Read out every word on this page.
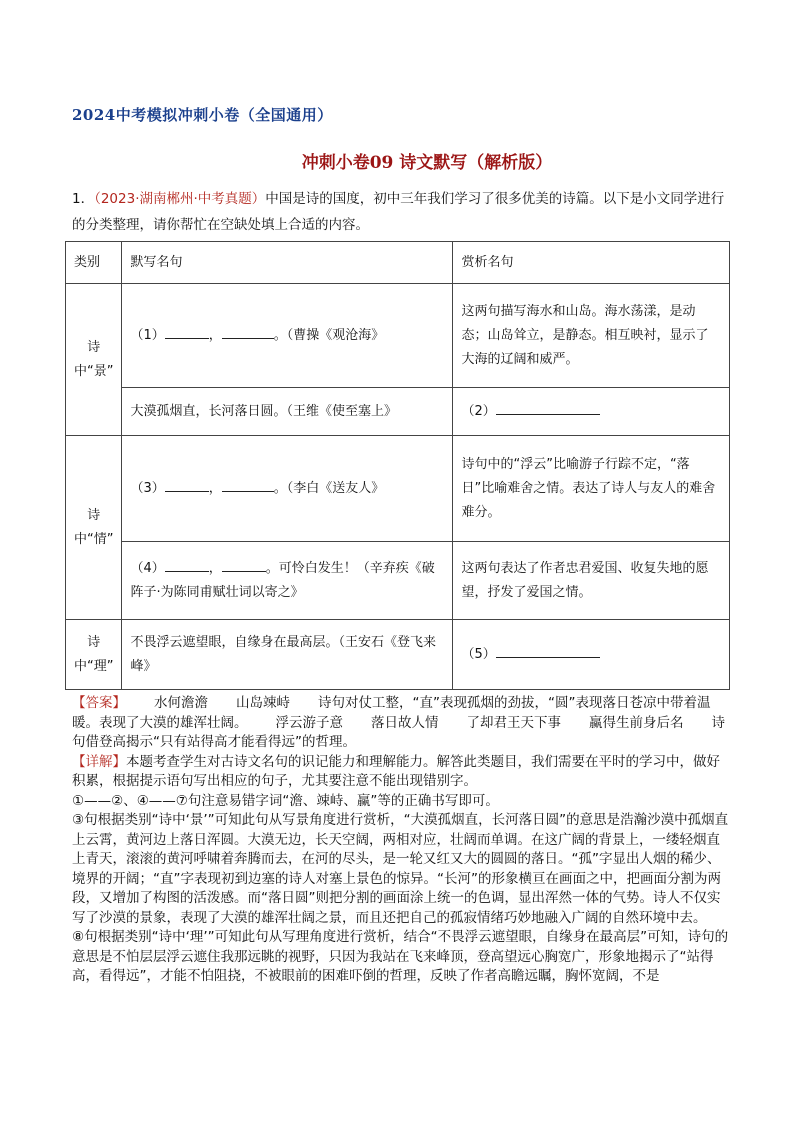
2024中考模拟冲刺小卷（全国通用）
冲刺小卷09 诗文默写（解析版）
1．（2023·湖南郴州·中考真题）中国是诗的国度，初中三年我们学习了很多优美的诗篇。以下是小文同学进行的分类整理，请你帮忙在空缺处填上合适的内容。
类别	默写名句	赏析名句
诗中“景”	（1） ， 。（曹操《观沧海》	这两句描写海水和山岛。海水荡漾，是动态；山岛耸立，是静态。相互映衬，显示了大海的辽阔和威严。
	大漠孤烟直，长河落日圆。（王维《使至塞上》	（2）
诗中“情”	（3） ， 。（李白《送友人》	诗句中的“浮云”比喻游子行踪不定，“落日”比喻难舍之情。表达了诗人与友人的难舍难分。
	（4） ， 。可怜白发生！（辛弃疾《破阵子·为陈同甫赋壮词以寄之》	这两句表达了作者忠君爱国、收复失地的愿望，抒发了爱国之情。
诗中“理”	不畏浮云遮望眼，自缘身在最高层。（王安石《登飞来峰》	（5）

【答案】 水何澹澹 山岛竦峙 诗句对仗工整，“直”表现孤烟的劲拔，“圆”表现落日苍凉中带着温暖。表现了大漠的雄浑壮阔。 浮云游子意 落日故人情 了却君王天下事 赢得生前身后名 诗句借登高揭示“只有站得高才能看得远”的哲理。

【详解】本题考查学生对古诗文名句的识记能力和理解能力。解答此类题目，我们需要在平时的学习中，做好积累，根据提示语句写出相应的句子，尤其要注意不能出现错别字。

①——②、④——⑦句注意易错字词“澹、竦峙、赢”等的正确书写即可。

③句根据类别“诗中‘景’”可知此句从写景角度进行赏析，“大漠孤烟直，长河落日圆”的意思是浩瀚沙漠中孤烟直上云霄，黄河边上落日浑圆。大漠无边，长天空阔，两相对应，壮阔而单调。在这广阔的背景上，一缕轻烟直上青天，滚滚的黄河呼啸着奔腾而去，在河的尽头，是一轮又红又大的圆圆的落日。“孤”字显出人烟的稀少、境界的开阔；“直”字表现初到边塞的诗人对塞上景色的惊异。“长河”的形象横亘在画面之中，把画面分割为两段，又增加了构图的活泼感。而“落日圆”则把分割的画面涂上统一的色调，显出浑然一体的气势。诗人不仅实写了沙漠的景象，表现了大漠的雄浑壮阔之景，而且还把自己的孤寂情绪巧妙地融入广阔的自然环境中去。

⑧句根据类别“诗中‘理’”可知此句从写理角度进行赏析，结合“不畏浮云遮望眼，自缘身在最高层”可知，诗句的意思是不怕层层浮云遮住我那远眺的视野，只因为我站在飞来峰顶，登高望远心胸宽广，形象地揭示了“站得高，看得远”，才能不怕阻挠，不被眼前的困难吓倒的哲理，反映了作者高瞻远瞩，胸怀宽阔，不是
